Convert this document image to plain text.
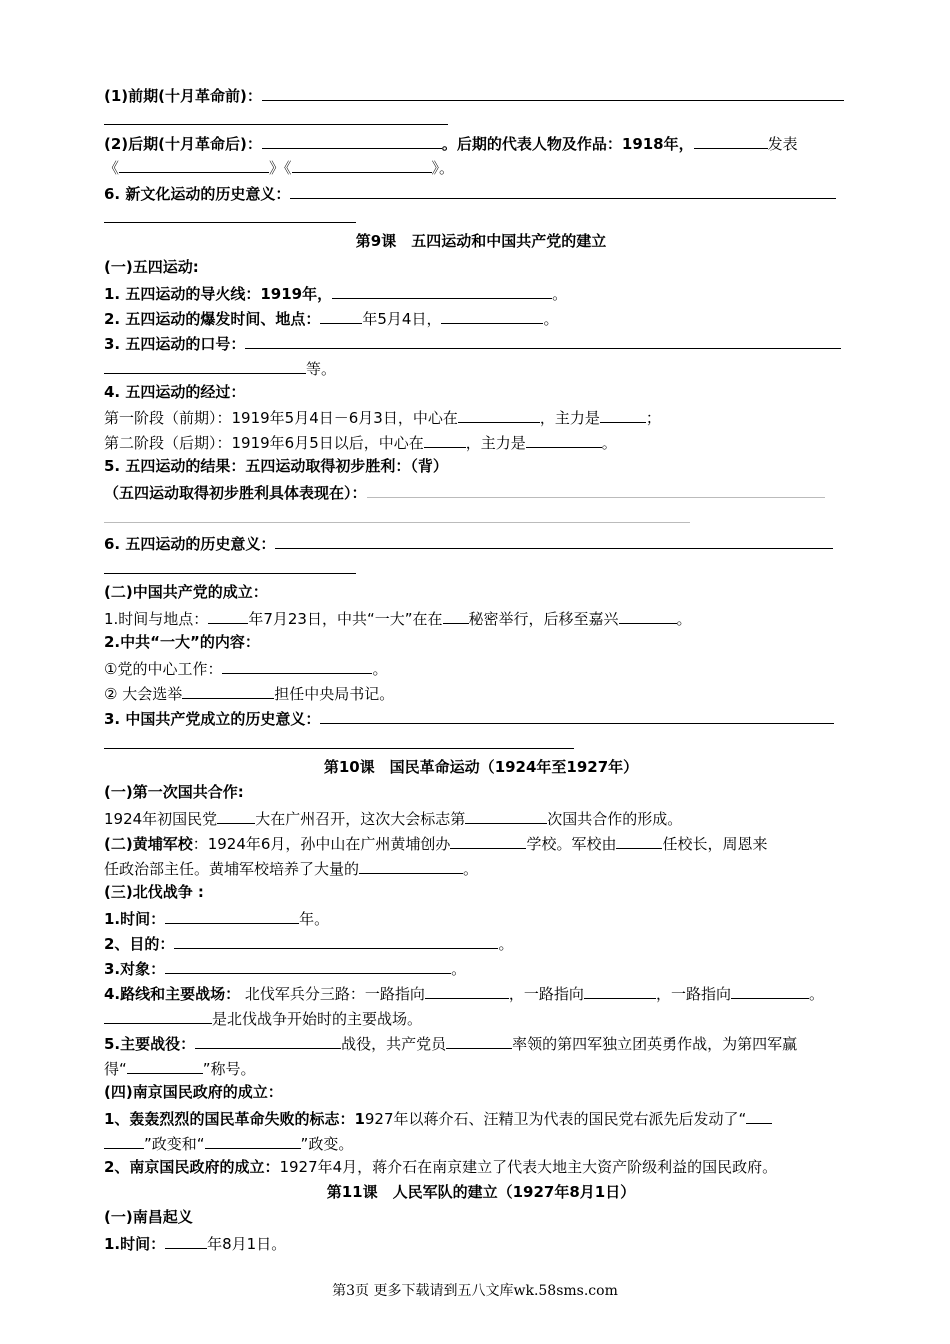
(1)前期(十月革命前)：
(2)后期(十月革命后)：	。后期的代表人物及作品：1918年，	发表
《	》《	》。
6. 新文化运动的历史意义：
第9课　五四运动和中国共产党的建立
(一)五四运动:
1. 五四运动的导火线：1919年，	。
2. 五四运动的爆发时间、地点：	年5月4日，	。
3. 五四运动的口号：
等。
4. 五四运动的经过：
第一阶段（前期）：1919年5月4日－6月3日，中心在	，主力是	；
第二阶段（后期）：1919年6月5日以后，中心在	，主力是	。
5. 五四运动的结果：五四运动取得初步胜利：（背）
（五四运动取得初步胜利具体表现在）：
6. 五四运动的历史意义：
(二)中国共产党的成立：
1.时间与地点：	年7月23日，中共“一大”在在 秘密举行，后移至嘉兴	。
2.中共“一大”的内容：
①党的中心工作：	。
② 大会选举	担任中央局书记。
3. 中国共产党成立的历史意义：
第10课　国民革命运动（1924年至1927年）
(一)第一次国共合作:
1924年初国民党	大在广州召开，这次大会标志第	次国共合作的形成。
(二)黄埔军校：1924年6月，孙中山在广州黄埔创办	学校。军校由	任校长，周恩来
任政治部主任。黄埔军校培养了大量的	。
(三)北伐战争 :
1.时间：	年。
2、目的：	。
3.对象：	。
4.路线和主要战场： 北伐军兵分三路：一路指向	，一路指向	，一路指向	。
是北伐战争开始时的主要战场。
5.主要战役：	战役，共产党员	率领的第四军独立团英勇作战，为第四军赢
得“	”称号。
(四)南京国民政府的成立：
1、轰轰烈烈的国民革命失败的标志：1927年以蒋介石、汪精卫为代表的国民党右派先后发动了“
”政变和“	”政变。
2、南京国民政府的成立：1927年4月，蒋介石在南京建立了代表大地主大资产阶级利益的国民政府。
第11课　人民军队的建立（1927年8月1日）
(一)南昌起义
1.时间：	年8月1日。
第3页 更多下载请到五八文库wk.58sms.com
